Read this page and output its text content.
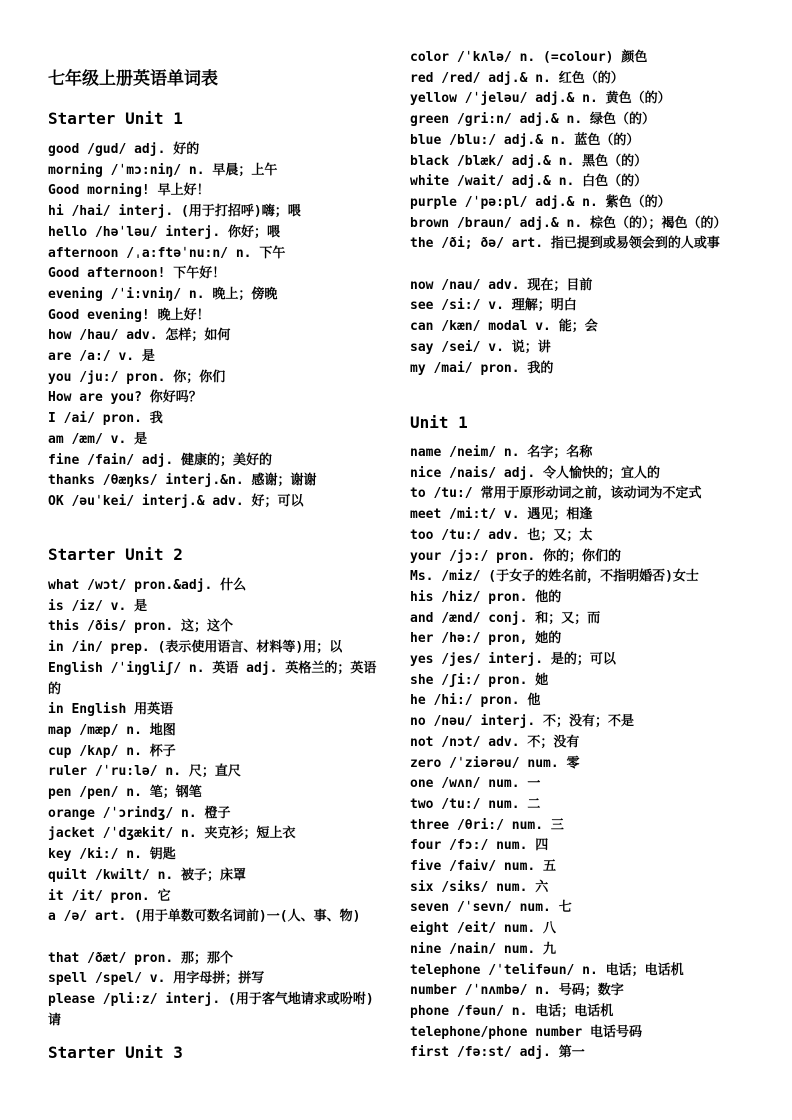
七年级上册英语单词表
Starter Unit 1
good /gud/ adj. 好的
morning /ˈmɔ:niŋ/ n. 早晨；上午
Good morning! 早上好！
hi /hai/ interj. (用于打招呼)嗨；喂
hello /həˈləu/ interj. 你好；喂
afternoon /ˌa:ftəˈnu:n/ n. 下午
Good afternoon! 下午好！
evening /ˈi:vniŋ/ n. 晚上；傍晚
Good evening! 晚上好！
how /hau/ adv. 怎样；如何
are /a:/ v. 是
you /ju:/ pron. 你；你们
How are you? 你好吗？
I /ai/ pron. 我
am /æm/ v. 是
fine /fain/ adj. 健康的；美好的
thanks /θæŋks/ interj.&n. 感谢；谢谢
OK /əuˈkei/ interj.& adv. 好；可以
Starter Unit 2
what /wɔt/ pron.&adj. 什么
is /iz/ v. 是
this /ðis/ pron. 这；这个
in /in/ prep. (表示使用语言、材料等)用；以
English /ˈiŋgliʃ/ n. 英语 adj. 英格兰的；英语的
in English 用英语
map /mæp/ n. 地图
cup /kʌp/ n. 杯子
ruler /ˈru:lə/ n. 尺；直尺
pen /pen/ n. 笔；钢笔
orange /ˈɔrindʒ/ n. 橙子
jacket /ˈdʒækit/ n. 夹克衫；短上衣
key /ki:/ n. 钥匙
quilt /kwilt/ n. 被子；床罩
it /it/ pron. 它
a /ə/ art. (用于单数可数名词前)一(人、事、物)
that /ðæt/ pron. 那；那个
spell /spel/ v. 用字母拼；拼写
please /pli:z/ interj. (用于客气地请求或吩咐)请
Starter Unit 3
color /ˈkʌlə/ n. (=colour) 颜色
red /red/ adj.& n. 红色（的）
yellow /ˈjeləu/ adj.& n. 黄色（的）
green /gri:n/ adj.& n. 绿色（的）
blue /blu:/ adj.& n. 蓝色（的）
black /blæk/ adj.& n. 黑色（的）
white /wait/ adj.& n. 白色（的）
purple /ˈpə:pl/ adj.& n. 紫色（的）
brown /braun/ adj.& n. 棕色（的）；褐色（的）
the /ði; ðə/ art. 指已提到或易领会到的人或事
now /nau/ adv. 现在；目前
see /si:/ v. 理解；明白
can /kæn/ modal v. 能；会
say /sei/ v. 说；讲
my /mai/ pron. 我的
Unit 1
name /neim/ n. 名字；名称
nice /nais/ adj. 令人愉快的；宜人的
to /tu:/ 常用于原形动词之前，该动词为不定式
meet /mi:t/ v. 遇见；相逢
too /tu:/ adv. 也；又；太
your /jɔ:/ pron. 你的；你们的
Ms. /miz/ (于女子的姓名前，不指明婚否)女士
his /hiz/ pron. 他的
and /ænd/ conj. 和；又；而
her /hə:/ pron, 她的
yes /jes/ interj. 是的；可以
she /ʃi:/ pron. 她
he /hi:/ pron. 他
no /nəu/ interj. 不；没有；不是
not /nɔt/ adv. 不；没有
zero /ˈziərəu/ num. 零
one /wʌn/ num. 一
two /tu:/ num. 二
three /θri:/ num. 三
four /fɔ:/ num. 四
five /faiv/ num. 五
six /siks/ num. 六
seven /ˈsevn/ num. 七
eight /eit/ num. 八
nine /nain/ num. 九
telephone /ˈtelifəun/ n. 电话；电话机
number /ˈnʌmbə/ n. 号码；数字
phone /fəun/ n. 电话；电话机
telephone/phone number 电话号码
first /fə:st/ adj. 第一
